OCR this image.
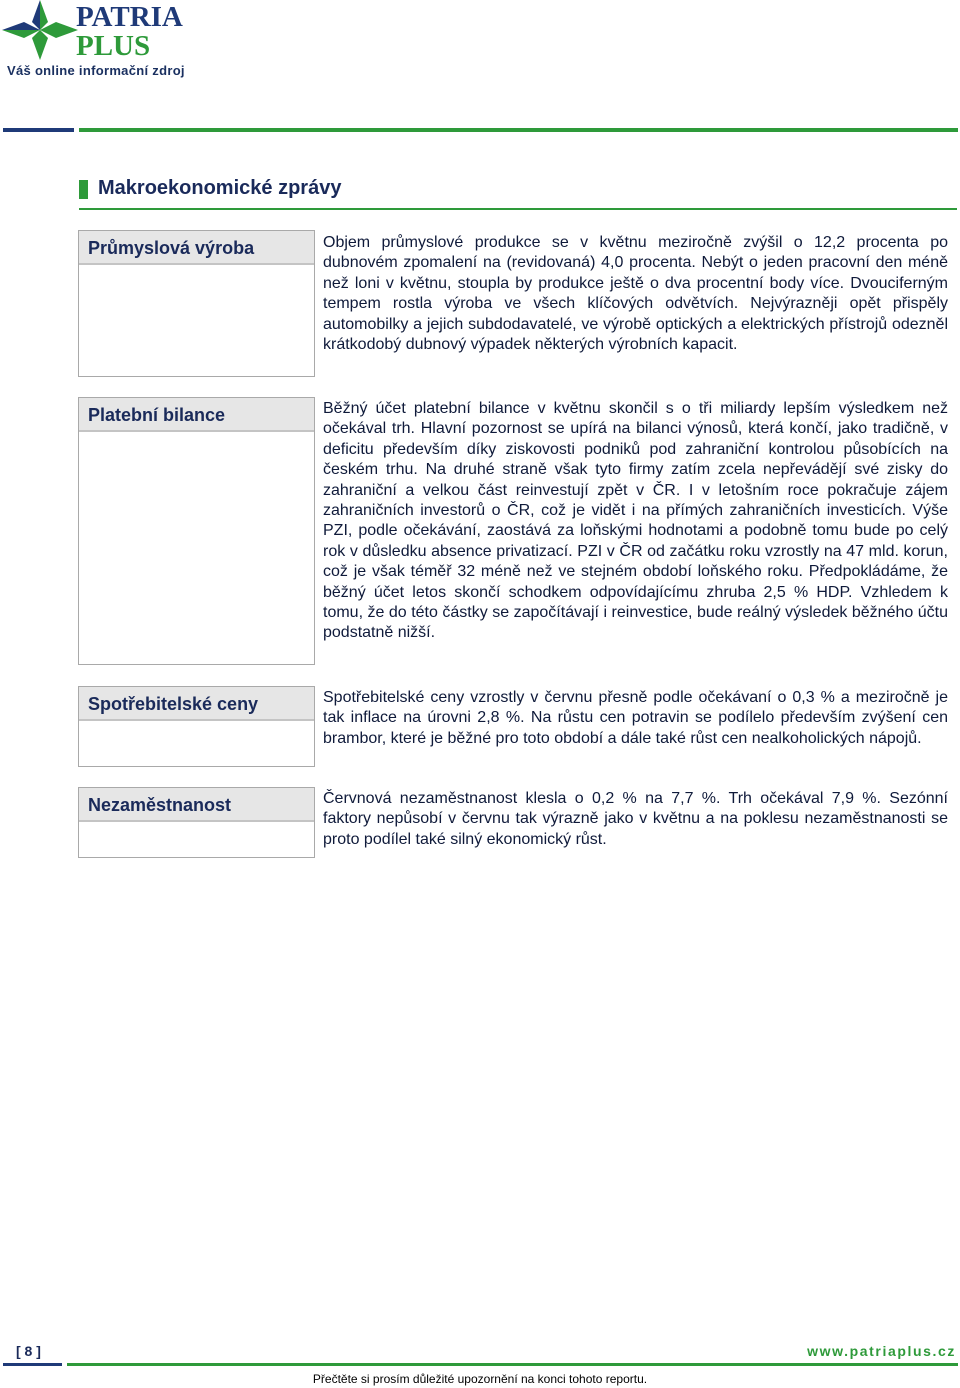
PATRIA
PLUS
Váš online informační zdroj
Makroekonomické zprávy
Průmyslová výroba	Objem průmyslové produkce se v květnu meziročně zvýšil o 12,2 procenta po dubnovém zpomalení na (revidovaná) 4,0 procenta. Nebýt o jeden pracovní den méně než loni v květnu, stoupla by produkce ještě o dva procentní body více. Dvouciferným tempem rostla výroba ve všech klíčových odvětvích. Nejvýrazněji opět přispěly automobilky a jejich subdodavatelé, ve výrobě optických a elektrických přístrojů odezněl krátkodobý dubnový výpadek některých výrobních kapacit.

Platební bilance	Běžný účet platební bilance v květnu skončil s o tři miliardy lepším výsledkem než očekával trh. Hlavní pozornost se upírá na bilanci výnosů, která končí, jako tradičně, v deficitu především díky ziskovosti podniků pod zahraniční kontrolou působících na českém trhu. Na druhé straně však tyto firmy zatím zcela nepřevádějí své zisky do zahraniční a velkou část reinvestují zpět v ČR. I v letošním roce pokračuje zájem zahraničních investorů o ČR, což je vidět i na přímých zahraničních investicích. Výše PZI, podle očekávání, zaostává za loňskými hodnotami a podobně tomu bude po celý rok v důsledku absence privatizací. PZI v ČR od začátku roku vzrostly na 47 mld. korun, což je však téměř 32 méně než ve stejném období loňského roku. Předpokládáme, že běžný účet letos skončí schodkem odpovídajícímu zhruba 2,5 % HDP. Vzhledem k tomu, že do této částky se započítávají i reinvestice, bude reálný výsledek běžného účtu podstatně nižší.

Spotřebitelské ceny	Spotřebitelské ceny vzrostly v červnu přesně podle očekávaní o 0,3 % a meziročně je tak inflace na úrovni 2,8 %. Na růstu cen potravin se podílelo především zvýšení cen brambor, které je běžné pro toto období a dále také růst cen nealkoholických nápojů.

Nezaměstnanost	Červnová nezaměstnanost klesla o 0,2 % na 7,7 %. Trh očekával 7,9 %. Sezónní faktory nepůsobí v červnu tak výrazně jako v květnu a na poklesu nezaměstnanosti se proto podílel také silný ekonomický růst.

[ 8 ]	www.patriaplus.cz
Přečtěte si prosím důležité upozornění na konci tohoto reportu.
